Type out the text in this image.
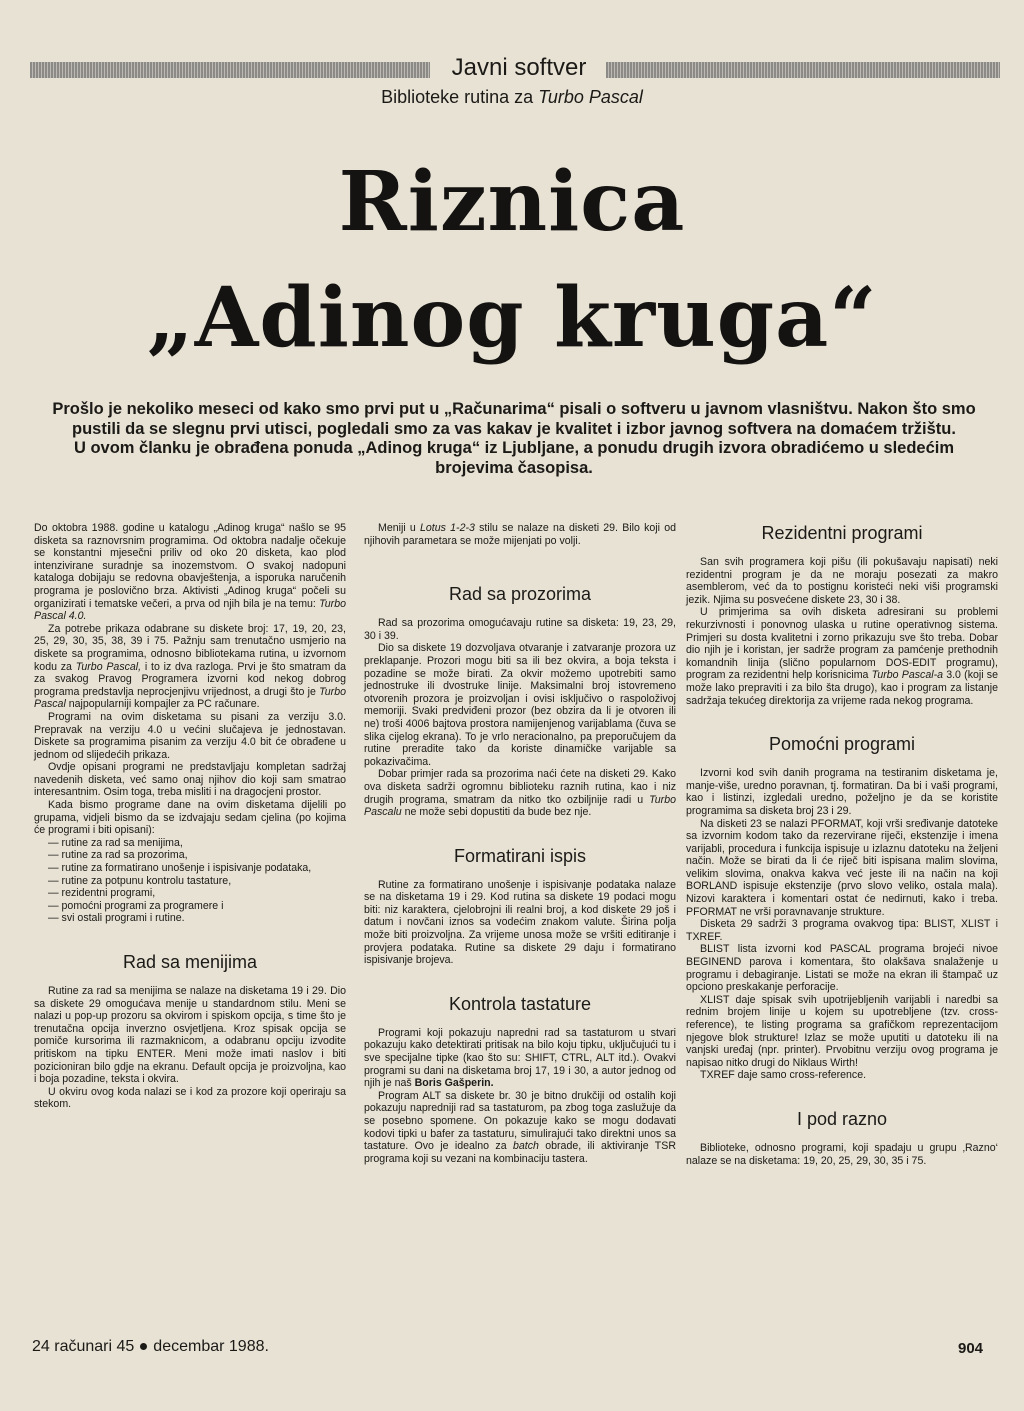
Javni softver
Biblioteke rutina za Turbo Pascal
Riznica
„Adinog kruga“

Prošlo je nekoliko meseci od kako smo prvi put u „Računarima“ pisali o softveru u javnom vlasništvu. Nakon što smo pustili da se slegnu prvi utisci, pogledali smo za vas kakav je kvalitet i izbor javnog softvera na domaćem tržištu.

U ovom članku je obrađena ponuda „Adinog kruga“ iz Ljubljane, a ponudu drugih izvora obradićemo u sledećim brojevima časopisa.

Do oktobra 1988. godine u katalogu „Adinog kruga“ našlo se 95 disketa sa raznovrsnim programima. Od oktobra nadalje očekuje se konstantni mjesečni priliv od oko 20 disketa, kao plod intenzivirane suradnje sa inozemstvom. O svakoj nadopuni kataloga dobijaju se redovna obavještenja, a isporuka naručenih programa je poslovično brza. Aktivisti „Adinog kruga“ počeli su organizirati i tematske večeri, a prva od njih bila je na temu: Turbo Pascal 4.0.

Za potrebe prikaza odabrane su diskete broj: 17, 19, 20, 23, 25, 29, 30, 35, 38, 39 i 75. Pažnju sam trenutačno usmjerio na diskete sa programima, odnosno bibliotekama rutina, u izvornom kodu za Turbo Pascal, i to iz dva razloga. Prvi je što smatram da za svakog Pravog Programera izvorni kod nekog dobrog programa predstavlja neprocjenjivu vrijednost, a drugi što je Turbo Pascal najpopularniji kompajler za PC računare.

Programi na ovim disketama su pisani za verziju 3.0. Prepravak na verziju 4.0 u većini slučajeva je jednostavan. Diskete sa programima pisanim za verziju 4.0 bit će obrađene u jednom od slijedećih prikaza.

Ovdje opisani programi ne predstavljaju kompletan sadržaj navedenih disketa, već samo onaj njihov dio koji sam smatrao interesantnim. Osim toga, treba misliti i na dragocjeni prostor.

Kada bismo programe dane na ovim disketama dijelili po grupama, vidjeli bismo da se izdvajaju sedam cjelina (po kojima će programi i biti opisani):

— rutine za rad sa menijima,
— rutine za rad sa prozorima,
— rutine za formatirano unošenje i ispisivanje podataka,
— rutine za potpunu kontrolu tastature,
— rezidentni programi,
— pomoćni programi za programere i
— svi ostali programi i rutine.
Rad sa menijima

Rutine za rad sa menijima se nalaze na disketama 19 i 29. Dio sa diskete 29 omogućava menije u standardnom stilu. Meni se nalazi u pop-up prozoru sa okvirom i spiskom opcija, s time što je trenutačna opcija inverzno osvjetljena. Kroz spisak opcija se pomiče kursorima ili razmaknicom, a odabranu opciju izvodite pritiskom na tipku ENTER. Meni može imati naslov i biti pozicioniran bilo gdje na ekranu. Default opcija je proizvoljna, kao i boja pozadine, teksta i okvira.

U okviru ovog koda nalazi se i kod za prozore koji operiraju sa stekom.

Meniji u Lotus 1-2-3 stilu se nalaze na disketi 29. Bilo koji od njihovih parametara se može mijenjati po volji.

Rad sa prozorima

Rad sa prozorima omogućavaju rutine sa disketa: 19, 23, 29, 30 i 39.

Dio sa diskete 19 dozvoljava otvaranje i zatvaranje prozora uz preklapanje. Prozori mogu biti sa ili bez okvira, a boja teksta i pozadine se može birati. Za okvir možemo upotrebiti samo jednostruke ili dvostruke linije. Maksimalni broj istovremeno otvorenih prozora je proizvoljan i ovisi isključivo o raspoloživoj memoriji. Svaki predviđeni prozor (bez obzira da li je otvoren ili ne) troši 4006 bajtova prostora namijenjenog varijablama (čuva se slika cijelog ekrana). To je vrlo neracionalno, pa preporučujem da rutine preradite tako da koriste dinamičke varijable sa pokazivačima.

Dobar primjer rada sa prozorima naći ćete na disketi 29. Kako ova disketa sadrži ogromnu biblioteku raznih rutina, kao i niz drugih programa, smatram da nitko tko ozbiljnije radi u Turbo Pascalu ne može sebi dopustiti da bude bez nje.

Formatirani ispis

Rutine za formatirano unošenje i ispisivanje podataka nalaze se na disketama 19 i 29. Kod rutina sa diskete 19 podaci mogu biti: niz karaktera, cjelobrojni ili realni broj, a kod diskete 29 još i datum i novčani iznos sa vodećim znakom valute. Širina polja može biti proizvoljna. Za vrijeme unosa može se vršiti editiranje i provjera podataka. Rutine sa diskete 29 daju i formatirano ispisivanje brojeva.

Kontrola tastature

Programi koji pokazuju napredni rad sa tastaturom u stvari pokazuju kako detektirati pritisak na bilo koju tipku, uključujući tu i sve specijalne tipke (kao što su: SHIFT, CTRL, ALT itd.). Ovakvi programi su dani na disketama broj 17, 19 i 30, a autor jednog od njih je naš Boris Gašperin.

Program ALT sa diskete br. 30 je bitno drukčiji od ostalih koji pokazuju napredniji rad sa tastaturom, pa zbog toga zaslužuje da se posebno spomene. On pokazuje kako se mogu dodavati kodovi tipki u bafer za tastaturu, simulirajući tako direktni unos sa tastature. Ovo je idealno za batch obrade, ili aktiviranje TSR programa koji su vezani na kombinaciju tastera.

Rezidentni programi

San svih programera koji pišu (ili pokušavaju napisati) neki rezidentni program je da ne moraju posezati za makro asemblerom, već da to postignu koristeći neki viši programski jezik. Njima su posvećene diskete 23, 30 i 38.

U primjerima sa ovih disketa adresirani su problemi rekurzivnosti i ponovnog ulaska u rutine operativnog sistema. Primjeri su dosta kvalitetni i zorno prikazuju sve što treba. Dobar dio njih je i koristan, jer sadrže program za pamćenje prethodnih komandnih linija (slično popularnom DOS-EDIT programu), program za rezidentni help korisnicima Turbo Pascal-a 3.0 (koji se može lako prepraviti i za bilo šta drugo), kao i program za listanje sadržaja tekućeg direktorija za vrijeme rada nekog programa.

Pomoćni programi

Izvorni kod svih danih programa na testiranim disketama je, manje-više, uredno poravnan, tj. formatiran. Da bi i vaši programi, kao i listinzi, izgledali uredno, poželjno je da se koristite programima sa disketa broj 23 i 29.

Na disketi 23 se nalazi PFORMAT, koji vrši sređivanje datoteke sa izvornim kodom tako da rezervirane riječi, ekstenzije i imena varijabli, procedura i funkcija ispisuje u izlaznu datoteku na željeni način. Može se birati da li će riječ biti ispisana malim slovima, velikim slovima, onakva kakva već jeste ili na način na koji BORLAND ispisuje ekstenzije (prvo slovo veliko, ostala mala). Nizovi karaktera i komentari ostat će nedirnuti, kako i treba. PFORMAT ne vrši poravnavanje strukture.

Disketa 29 sadrži 3 programa ovakvog tipa: BLIST, XLIST i TXREF.

BLIST lista izvorni kod PASCAL programa brojeći nivoe BEGINEND parova i komentara, što olakšava snalaženje u programu i debagiranje. Listati se može na ekran ili štampač uz opciono preskakanje perforacije.

XLIST daje spisak svih upotrijebljenih varijabli i naredbi sa rednim brojem linije u kojem su upotrebljene (tzv. cross-reference), te listing programa sa grafičkom reprezentacijom njegove blok strukture! Izlaz se može uputiti u datoteku ili na vanjski uređaj (npr. printer). Prvobitnu verziju ovog programa je napisao nitko drugi do Niklaus Wirth!

TXREF daje samo cross-reference.

I pod razno

Biblioteke, odnosno programi, koji spadaju u grupu ‚Razno‘ nalaze se na disketama: 19, 20, 25, 29, 30, 35 i 75.

24 računari 45 decembar 1988.	904
